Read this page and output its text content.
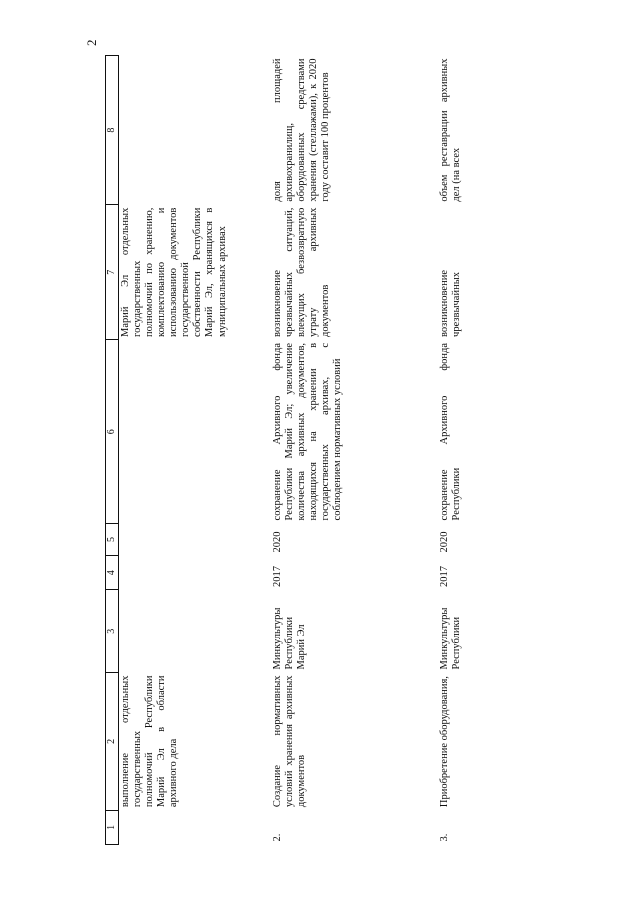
2
1	2	3	4	5	6	7	8
	выполнение отдельных государственных полномочий Республики Марий Эл в области архивного дела					Марий Эл отдельных государственных полномочий по хранению, комплектованию и использованию документов государственной собственности Республики Марий Эл, хранящихся в муниципальных архивах	
2.	Создание нормативных условий хранения архивных документов	Минкультуры Республики Марий Эл	2017	2020	сохранение Архивного фонда Республики Марий Эл; увеличение количества архивных документов, находящихся на хранении в государственных архивах, с соблюдением нормативных условий	возникновение чрезвычайных ситуаций, влекущих безвозвратную утрату архивных документов	доля площадей архивохранилищ, оборудованных средствами хранения (стеллажами), к 2020 году составит 100 процентов
3.	Приобретение оборудования,	Минкультуры Республики	2017	2020	сохранение Архивного фонда Республики	возникновение чрезвычайных	объем реставрации архивных дел (на всех
